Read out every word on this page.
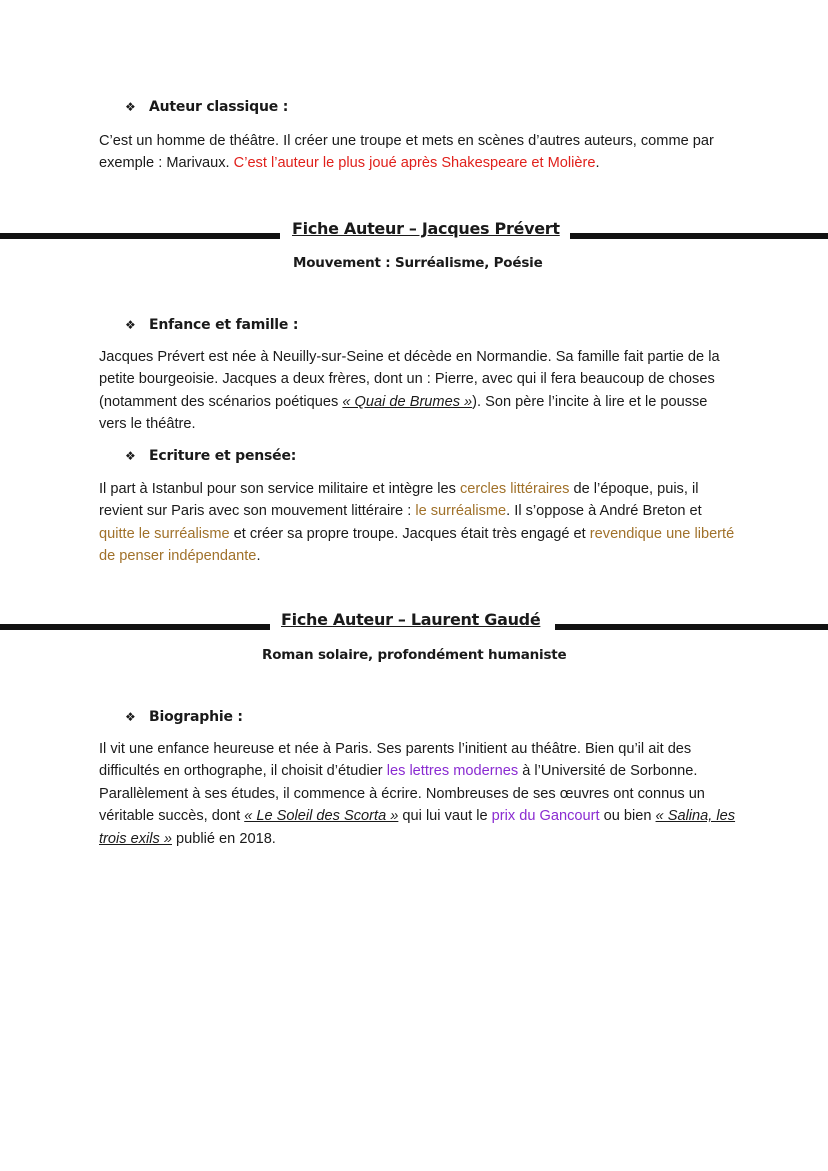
❖ Auteur classique :
C’est un homme de théâtre. Il créer une troupe et mets en scènes d’autres auteurs, comme par exemple : Marivaux. C’est l’auteur le plus joué après Shakespeare et Molière.
Fiche Auteur – Jacques Prévert
Mouvement : Surréalisme, Poésie
❖ Enfance et famille :
Jacques Prévert est née à Neuilly-sur-Seine et décède en Normandie. Sa famille fait partie de la petite bourgeoisie. Jacques a deux frères, dont un : Pierre, avec qui il fera beaucoup de choses (notamment des scénarios poétiques « Quai de Brumes »). Son père l’incite à lire et le pousse vers le théâtre.
❖ Ecriture et pensée:
Il part à Istanbul pour son service militaire et intègre les cercles littéraires de l’époque, puis, il revient sur Paris avec son mouvement littéraire : le surréalisme. Il s’oppose à André Breton et quitte le surréalisme et créer sa propre troupe. Jacques était très engagé et revendique une liberté de penser indépendante.
Fiche Auteur – Laurent Gaudé
Roman solaire, profondément humaniste
❖ Biographie :
Il vit une enfance heureuse et née à Paris. Ses parents l’initient au théâtre. Bien qu’il ait des difficultés en orthographe, il choisit d’étudier les lettres modernes à l’Université de Sorbonne. Parallèlement à ses études, il commence à écrire. Nombreuses de ses œuvres ont connus un véritable succès, dont « Le Soleil des Scorta » qui lui vaut le prix du Gancourt ou bien « Salina, les trois exils » publié en 2018.
